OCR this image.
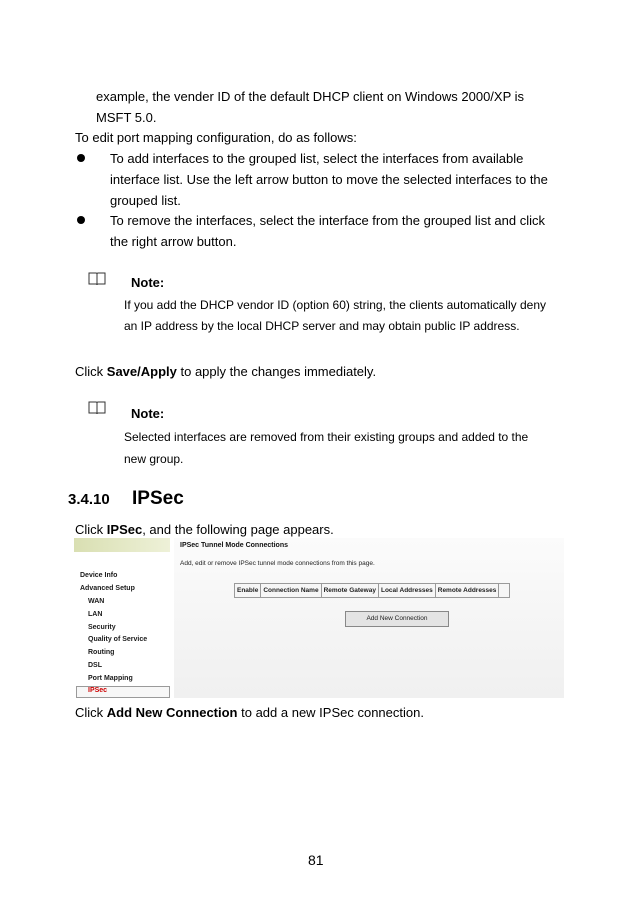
example, the vender ID of the default DHCP client on Windows 2000/XP is
MSFT 5.0.
To edit port mapping configuration, do as follows:
To add interfaces to the grouped list, select the interfaces from available
interface list. Use the left arrow button to move the selected interfaces to the
grouped list.
To remove the interfaces, select the interface from the grouped list and click
the right arrow button.
Note:
If you add the DHCP vendor ID (option 60) string, the clients automatically deny
an IP address by the local DHCP server and may obtain public IP address.
Click Save/Apply to apply the changes immediately.
Note:
Selected interfaces are removed from their existing groups and added to the
new group.
3.4.10 IPSec
Click IPSec, and the following page appears.
Device Info
Advanced Setup
WAN
LAN
Security
Quality of Service
Routing
DSL
Port Mapping
IPSec
IPSec Tunnel Mode Connections
Add, edit or remove IPSec tunnel mode connections from this page.
Enable	Connection Name	Remote Gateway	Local Addresses	Remote Addresses	
Add New Connection
Click Add New Connection to add a new IPSec connection.
81
